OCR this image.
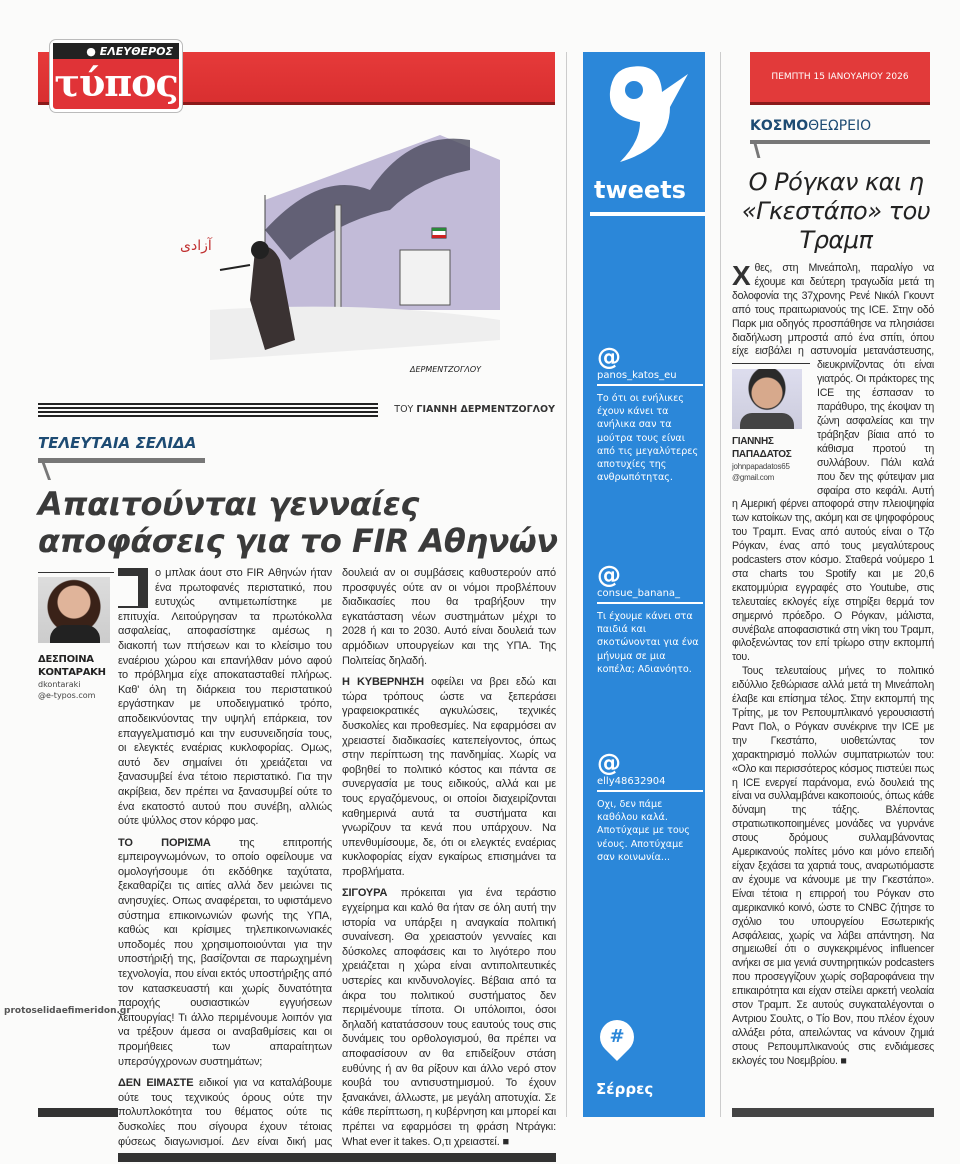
● ΕΛΕΥΘΕΡΟΣ
τύπος
آزادی
ΔΕΡΜΕΝΤΖΟΓΛΟΥ
ΤΟΥ ΓΙΑΝΝΗ ΔΕΡΜΕΝΤΖΟΓΛΟΥ
ΤΕΛΕΥΤΑΙΑ ΣΕΛΙΔΑ
Απαιτούνται γενναίες αποφάσεις για το FIR Αθηνών
ΔΕΣΠΟΙΝΑ
ΚΟΝΤΑΡΑΚΗ
dkontaraki
@e-typos.com

ο μπλακ άουτ στο FIR Αθηνών ήταν ένα πρωτοφανές περιστατικό, που ευτυχώς αντιμετωπίστηκε με επιτυχία. Λειτούργησαν τα πρωτόκολλα ασφαλείας, αποφασίστηκε αμέσως η διακοπή των πτήσεων και το κλείσιμο του εναέριου χώρου και επανήλθαν μόνο αφού το πρόβλημα είχε αποκατασταθεί πλήρως. Καθ' όλη τη διάρκεια του περιστατικού εργάστηκαν με υποδειγματικό τρόπο, αποδεικνύοντας την υψηλή επάρκεια, τον επαγγελματισμό και την ευσυνειδησία τους, οι ελεγκτές εναέριας κυκλοφορίας. Ομως, αυτό δεν σημαίνει ότι χρειάζεται να ξανασυμβεί ένα τέτοιο περιστατικό. Για την ακρίβεια, δεν πρέπει να ξανασυμβεί ούτε το ένα εκατοστό αυτού που συνέβη, αλλιώς ούτε ψύλλος στον κόρφο μας.

ΤΟ ΠΟΡΙΣΜΑ της επιτροπής εμπειρογνωμόνων, το οποίο οφείλουμε να ομολογήσουμε ότι εκδόθηκε ταχύτατα, ξεκαθαρίζει τις αιτίες αλλά δεν μειώνει τις ανησυχίες. Οπως αναφέρεται, το υφιστάμενο σύστημα επικοινωνιών φωνής της ΥΠΑ, καθώς και κρίσιμες τηλεπικοινωνιακές υποδομές που χρησιμοποιούνται για την υποστήριξή της, βασίζονται σε παρωχημένη τεχνολογία, που είναι εκτός υποστήριξης από τον κατασκευαστή και χωρίς δυνατότητα παροχής ουσιαστικών εγγυήσεων λειτουργίας! Τι άλλο περιμένουμε λοιπόν για να τρέξουν άμεσα οι αναβαθμίσεις και οι προμήθειες των απαραίτητων υπερσύγχρονων συστημάτων;

ΔΕΝ ΕΙΜΑΣΤΕ ειδικοί για να καταλάβουμε ούτε τους τεχνικούς όρους ούτε την πολυπλοκότητα του θέματος ούτε τις δυσκολίες που σίγουρα έχουν τέτοιας φύσεως διαγωνισμοί. Δεν είναι δική μας δουλειά αν οι συμβάσεις καθυστερούν από προσφυγές ούτε αν οι νόμοι προβλέπουν διαδικασίες που θα τραβήξουν την εγκατάσταση νέων συστημάτων μέχρι το 2028 ή και το 2030. Αυτό είναι δουλειά των αρμόδιων υπουργείων και της ΥΠΑ. Της Πολιτείας δηλαδή.

Η ΚΥΒΕΡΝΗΣΗ οφείλει να βρει εδώ και τώρα τρόπους ώστε να ξεπεράσει γραφειοκρατικές αγκυλώσεις, τεχνικές δυσκολίες και προθεσμίες. Να εφαρμόσει αν χρειαστεί διαδικασίες κατεπείγοντος, όπως στην περίπτωση της πανδημίας. Χωρίς να φοβηθεί το πολιτικό κόστος και πάντα σε συνεργασία με τους ειδικούς, αλλά και με τους εργαζόμενους, οι οποίοι διαχειρίζονται καθημερινά αυτά τα συστήματα και γνωρίζουν τα κενά που υπάρχουν. Να υπενθυμίσουμε, δε, ότι οι ελεγκτές εναέριας κυκλοφορίας είχαν εγκαίρως επισημάνει τα προβλήματα.

ΣΙΓΟΥΡΑ πρόκειται για ένα τεράστιο εγχείρημα και καλό θα ήταν σε όλη αυτή την ιστορία να υπάρξει η αναγκαία πολιτική συναίνεση. Θα χρειαστούν γενναίες και δύσκολες αποφάσεις και το λιγότερο που χρειάζεται η χώρα είναι αντιπολιτευτικές υστερίες και κινδυνολογίες. Βέβαια από τα άκρα του πολιτικού συστήματος δεν περιμένουμε τίποτα. Οι υπόλοιποι, όσοι δηλαδή κατατάσσουν τους εαυτούς τους στις δυνάμεις του ορθολογισμού, θα πρέπει να αποφασίσουν αν θα επιδείξουν στάση ευθύνης ή αν θα ρίξουν και άλλο νερό στον κουβά του αντισυστημισμού. Το έχουν ξανακάνει, άλλωστε, με μεγάλη αποτυχία. Σε κάθε περίπτωση, η κυβέρνηση και μπορεί και πρέπει να εφαρμόσει τη φράση Ντράγκι: What ever it takes. Ο,τι χρειαστεί. ■

protoselidaefimeridon.gr
tweets
@
panos_katos_eu
Το ότι οι ενήλικες έχουν κάνει τα ανήλικα σαν τα μούτρα τους είναι από τις μεγαλύτερες αποτυχίες της ανθρωπότητας.
@
consue_banana_
Τι έχουμε κάνει στα παιδιά και σκοτώνονται για ένα μήνυμα σε μια κοπέλα; Αδιανόητο.
@
elly48632904
Οχι, δεν πάμε καθόλου καλά. Αποτύχαμε με τους νέους. Αποτύχαμε σαν κοινωνία...
#
Σέρρες
ΠΕΜΠΤΗ 15 ΙΑΝΟΥΑΡΙΟΥ 2026
ΚΟΣΜΟΘΕΩΡΕΙΟ
Ο Ρόγκαν και η «Γκεστάπο» του Τραμπ

Χθες, στη Μινεάπολη, παραλίγο να έχουμε και δεύτερη τραγωδία μετά τη δολοφονία της 37χρονης Ρενέ Νικόλ Γκουντ από τους πραιτωριανούς της ICE. Στην οδό Παρκ μια οδηγός προσπάθησε να πλησιάσει διαδήλωση μπροστά από ένα σπίτι, όπου είχε εισβάλει η αστυνομία μετανάστευσης, διευκρινίζοντας ότι είναι
ΓΙΑΝΝΗΣ
ΠΑΠΑΔΑΤΟΣ
johnpapadatos65
@gmail.com
γιατρός. Οι πράκτορες της ICE της έσπασαν το παράθυρο, της έκοψαν τη ζώνη ασφαλείας και την τράβηξαν βίαια από το κάθισμα προτού τη συλλάβουν. Πάλι καλά που δεν της φύτεψαν μια σφαίρα στο κεφάλι. Αυτή η Αμερική φέρνει αποφορά στην πλειοψηφία των κατοίκων της, ακόμη και σε ψηφοφόρους του Τραμπ. Ενας από αυτούς είναι ο Τζο Ρόγκαν, ένας από τους μεγαλύτερους podcasters στον κόσμο. Σταθερά νούμερο 1 στα charts του Spotify και με 20,6 εκατομμύρια εγγραφές στο Youtube, στις τελευταίες εκλογές είχε στηρίξει θερμά τον σημερινό πρόεδρο. Ο Ρόγκαν, μάλιστα, συνέβαλε αποφασιστικά στη νίκη του Τραμπ, φιλοξενώντας τον επί τρίωρο στην εκπομπή του.

Τους τελευταίους μήνες το πολιτικό ειδύλλιο ξεθώριασε αλλά μετά τη Μινεάπολη έλαβε και επίσημα τέλος. Στην εκπομπή της Τρίτης, με τον Ρεπουμπλικανό γερουσιαστή Ραντ Πολ, ο Ρόγκαν συνέκρινε την ICE με την Γκεστάπο, υιοθετώντας τον χαρακτηρισμό πολλών συμπατριωτών του: «Ολο και περισσότερος κόσμος πιστεύει πως η ICE ενεργεί παράνομα, ενώ δουλειά της είναι να συλλαμβάνει κακοποιούς, όπως κάθε δύναμη της τάξης. Βλέποντας στρατιωτικοποιημένες μονάδες να γυρνάνε στους δρόμους συλλαμβάνοντας Αμερικανούς πολίτες μόνο και μόνο επειδή είχαν ξεχάσει τα χαρτιά τους, αναρωτιόμαστε αν έχουμε να κάνουμε με την Γκεστάπο». Είναι τέτοια η επιρροή του Ρόγκαν στο αμερικανικό κοινό, ώστε το CNBC ζήτησε το σχόλιο του υπουργείου Εσωτερικής Ασφάλειας, χωρίς να λάβει απάντηση. Να σημειωθεί ότι ο συγκεκριμένος influencer ανήκει σε μια γενιά συντηρητικών podcasters που προσεγγίζουν χωρίς σοβαροφάνεια την επικαιρότητα και είχαν στείλει αρκετή νεολαία στον Τραμπ. Σε αυτούς συγκαταλέγονται ο Αντριου Σουλτς, ο Τίο Βον, που πλέον έχουν αλλάξει ρότα, απειλώντας να κάνουν ζημιά στους Ρεπουμπλικανούς στις ενδιάμεσες εκλογές του Νοεμβρίου. ■
